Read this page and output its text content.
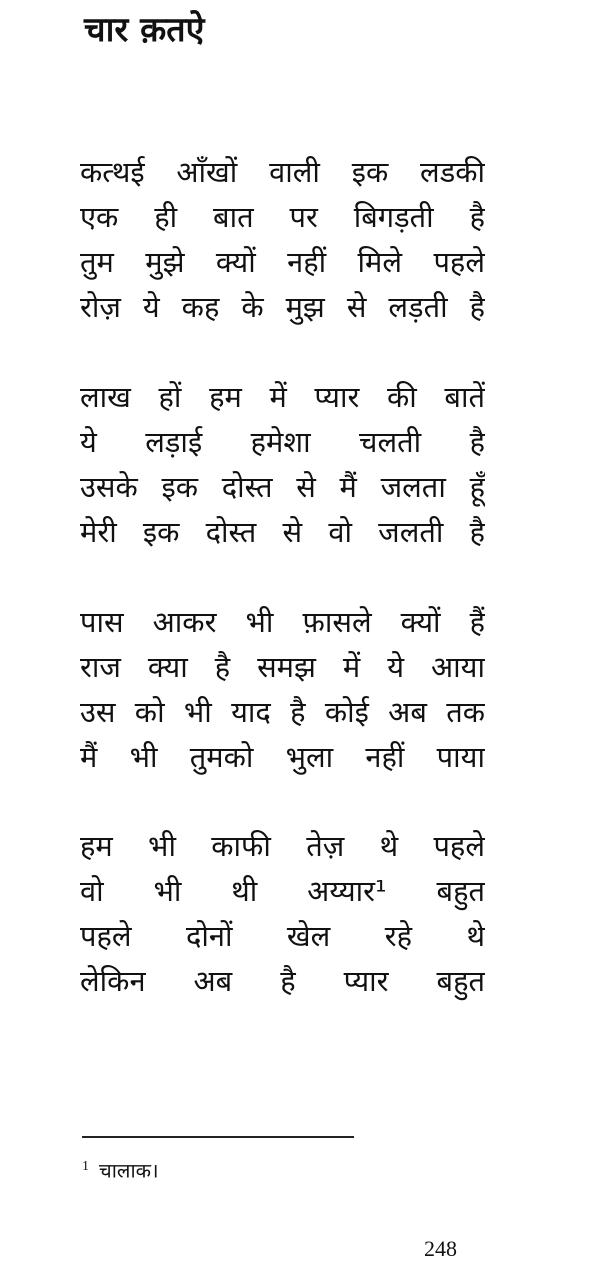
चार क़तऐ
कत्थई आँखों वाली इक लडकी
एक ही बात पर बिगड़ती है
तुम मुझे क्यों नहीं मिले पहले
रोज़ ये कह के मुझ से लड़ती है
लाख हों हम में प्यार की बातें
ये लड़ाई हमेशा चलती है
उसके इक दोस्त से मैं जलता हूँ
मेरी इक दोस्त से वो जलती है
पास आकर भी फ़ासले क्यों हैं
राज क्या है समझ में ये आया
उस को भी याद है कोई अब तक
मैं भी तुमको भुला नहीं पाया
हम भी काफी तेज़ थे पहले
वो भी थी अय्यार¹ बहुत
पहले दोनों खेल रहे थे
लेकिन अब है प्यार बहुत
$^1$ चालाक।
248
